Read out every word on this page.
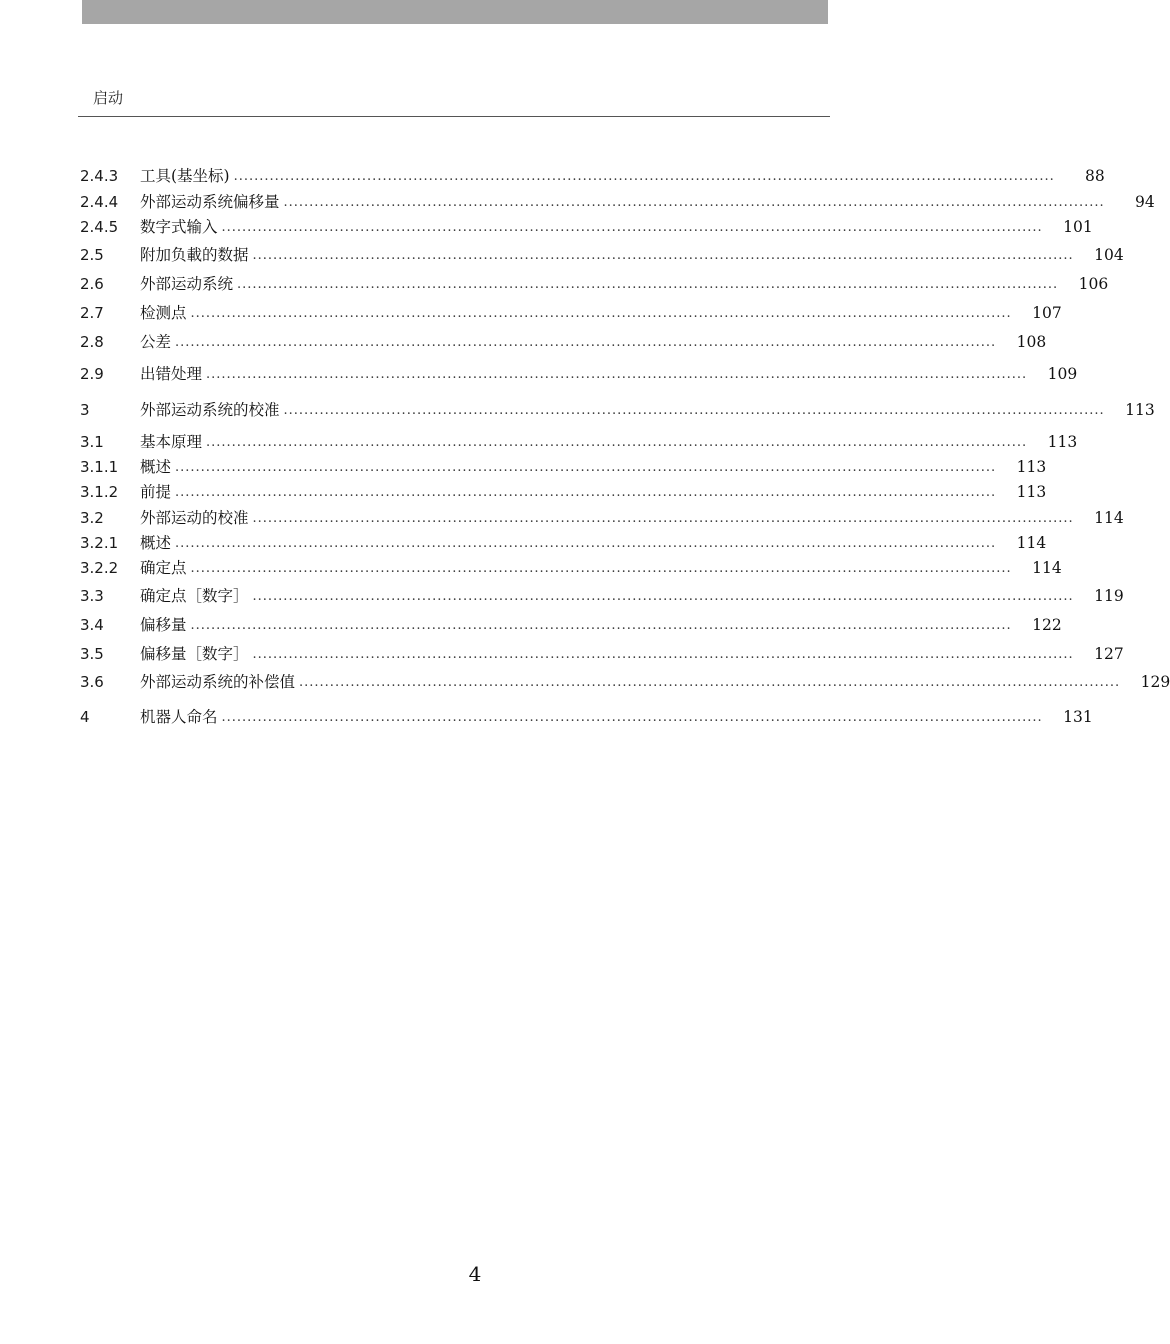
启动
2.4.3	工具(基坐标) ................................................................................................................................................................	88
2.4.4	外部运动系统偏移量 ................................................................................................................................................................	94
2.4.5	数字式输入 ................................................................................................................................................................	101
2.5	附加负載的数据 ................................................................................................................................................................	104
2.6	外部运动系统 ................................................................................................................................................................	106
2.7	检测点 ................................................................................................................................................................	107
2.8	公差 ................................................................................................................................................................	108
2.9	出错处理 ................................................................................................................................................................	109
3	外部运动系统的校准 ................................................................................................................................................................	113
3.1	基本原理 ................................................................................................................................................................	113
3.1.1	概述 ................................................................................................................................................................	113
3.1.2	前提 ................................................................................................................................................................	113
3.2	外部运动的校准 ................................................................................................................................................................	114
3.2.1	概述 ................................................................................................................................................................	114
3.2.2	确定点 ................................................................................................................................................................	114
3.3	确定点［数字］ ................................................................................................................................................................	119
3.4	偏移量 ................................................................................................................................................................	122
3.5	偏移量［数字］ ................................................................................................................................................................	127
3.6	外部运动系统的补偿值 ................................................................................................................................................................	129
4	机器人命名 ................................................................................................................................................................	131
4
